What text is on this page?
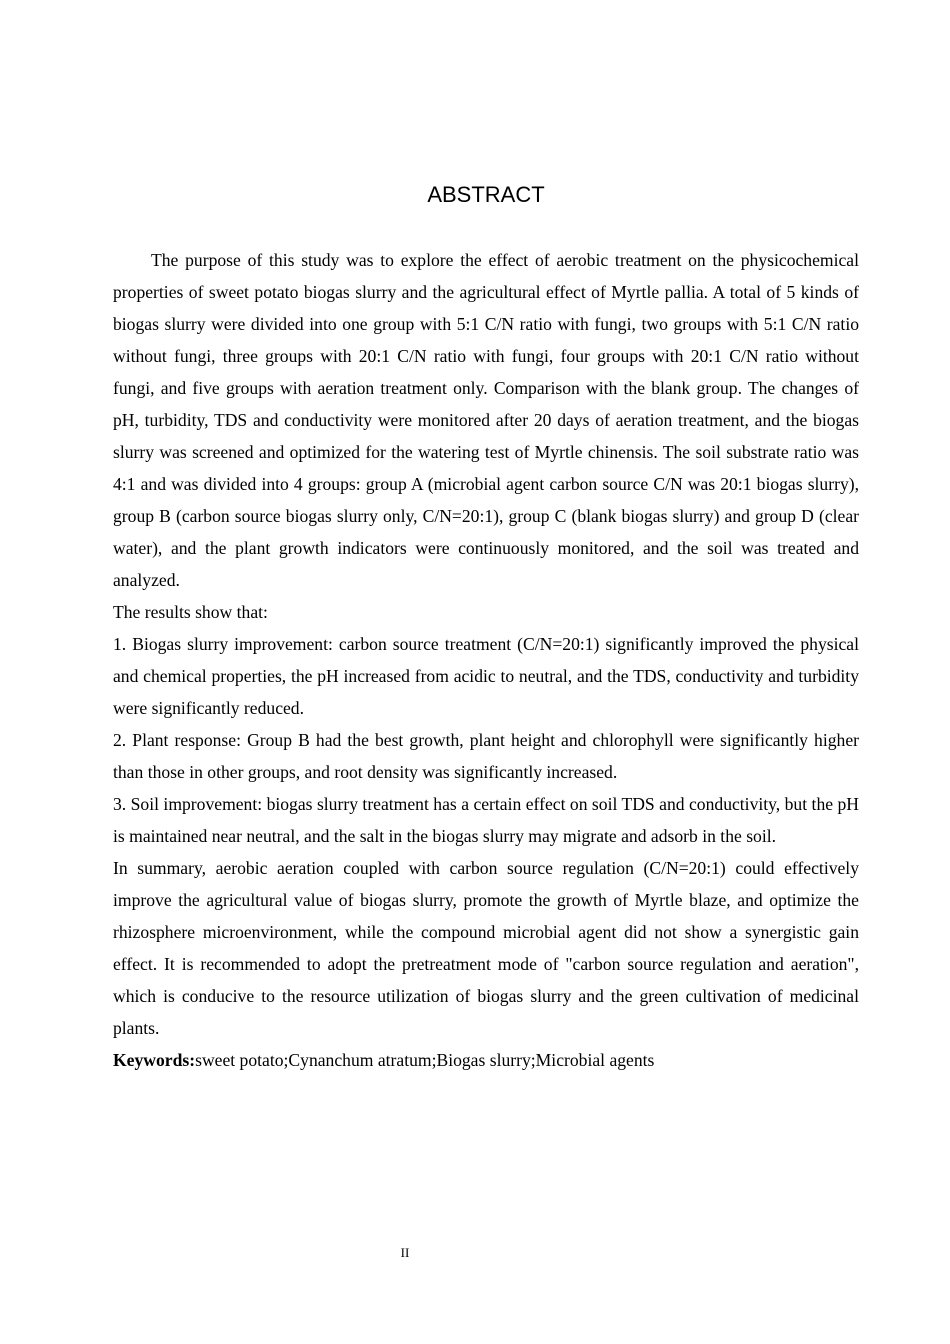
ABSTRACT

The purpose of this study was to explore the effect of aerobic treatment on the physicochemical properties of sweet potato biogas slurry and the agricultural effect of Myrtle pallia. A total of 5 kinds of biogas slurry were divided into one group with 5:1 C/N ratio with fungi, two groups with 5:1 C/N ratio without fungi, three groups with 20:1 C/N ratio with fungi, four groups with 20:1 C/N ratio without fungi, and five groups with aeration treatment only. Comparison with the blank group. The changes of pH, turbidity, TDS and conductivity were monitored after 20 days of aeration treatment, and the biogas slurry was screened and optimized for the watering test of Myrtle chinensis. The soil substrate ratio was 4:1 and was divided into 4 groups: group A (microbial agent carbon source C/N was 20:1 biogas slurry), group B (carbon source biogas slurry only, C/N=20:1), group C (blank biogas slurry) and group D (clear water), and the plant growth indicators were continuously monitored, and the soil was treated and analyzed.

The results show that:

1. Biogas slurry improvement: carbon source treatment (C/N=20:1) significantly improved the physical and chemical properties, the pH increased from acidic to neutral, and the TDS, conductivity and turbidity were significantly reduced.

2. Plant response: Group B had the best growth, plant height and chlorophyll were significantly higher than those in other groups, and root density was significantly increased.

3. Soil improvement: biogas slurry treatment has a certain effect on soil TDS and conductivity, but the pH is maintained near neutral, and the salt in the biogas slurry may migrate and adsorb in the soil.

In summary, aerobic aeration coupled with carbon source regulation (C/N=20:1) could effectively improve the agricultural value of biogas slurry, promote the growth of Myrtle blaze, and optimize the rhizosphere microenvironment, while the compound microbial agent did not show a synergistic gain effect. It is recommended to adopt the pretreatment mode of "carbon source regulation and aeration", which is conducive to the resource utilization of biogas slurry and the green cultivation of medicinal plants.

Keywords:sweet potato;Cynanchum atratum;Biogas slurry;Microbial agents

II
